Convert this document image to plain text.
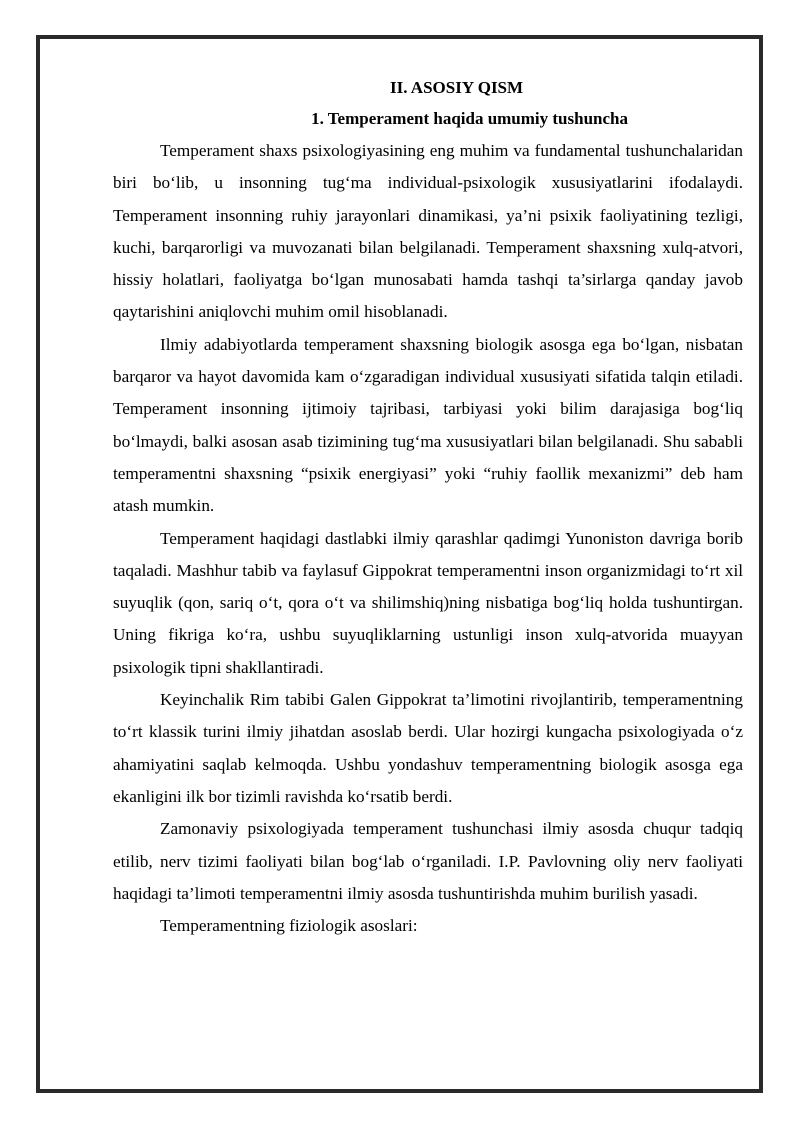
II. ASOSIY QISM
1. Temperament haqida umumiy tushuncha

Temperament shaxs psixologiyasining eng muhim va fundamental tushunchalaridan biri bo‘lib, u insonning tug‘ma individual-psixologik xususiyatlarini ifodalaydi. Temperament insonning ruhiy jarayonlari dinamikasi, ya’ni psixik faoliyatining tezligi, kuchi, barqarorligi va muvozanati bilan belgilanadi. Temperament shaxsning xulq-atvori, hissiy holatlari, faoliyatga bo‘lgan munosabati hamda tashqi ta’sirlarga qanday javob qaytarishini aniqlovchi muhim omil hisoblanadi.

Ilmiy adabiyotlarda temperament shaxsning biologik asosga ega bo‘lgan, nisbatan barqaror va hayot davomida kam o‘zgaradigan individual xususiyati sifatida talqin etiladi. Temperament insonning ijtimoiy tajribasi, tarbiyasi yoki bilim darajasiga bog‘liq bo‘lmaydi, balki asosan asab tizimining tug‘ma xususiyatlari bilan belgilanadi. Shu sababli temperamentni shaxsning “psixik energiyasi” yoki “ruhiy faollik mexanizmi” deb ham atash mumkin.

Temperament haqidagi dastlabki ilmiy qarashlar qadimgi Yunoniston davriga borib taqaladi. Mashhur tabib va faylasuf Gippokrat temperamentni inson organizmidagi to‘rt xil suyuqlik (qon, sariq o‘t, qora o‘t va shilimshiq)ning nisbatiga bog‘liq holda tushuntirgan. Uning fikriga ko‘ra, ushbu suyuqliklarning ustunligi inson xulq-atvorida muayyan psixologik tipni shakllantiradi.

Keyinchalik Rim tabibi Galen Gippokrat ta’limotini rivojlantirib, temperamentning to‘rt klassik turini ilmiy jihatdan asoslab berdi. Ular hozirgi kungacha psixologiyada o‘z ahamiyatini saqlab kelmoqda. Ushbu yondashuv temperamentning biologik asosga ega ekanligini ilk bor tizimli ravishda ko‘rsatib berdi.

Zamonaviy psixologiyada temperament tushunchasi ilmiy asosda chuqur tadqiq etilib, nerv tizimi faoliyati bilan bog‘lab o‘rganiladi. I.P. Pavlovning oliy nerv faoliyati haqidagi ta’limoti temperamentni ilmiy asosda tushuntirishda muhim burilish yasadi.

Temperamentning fiziologik asoslari:
